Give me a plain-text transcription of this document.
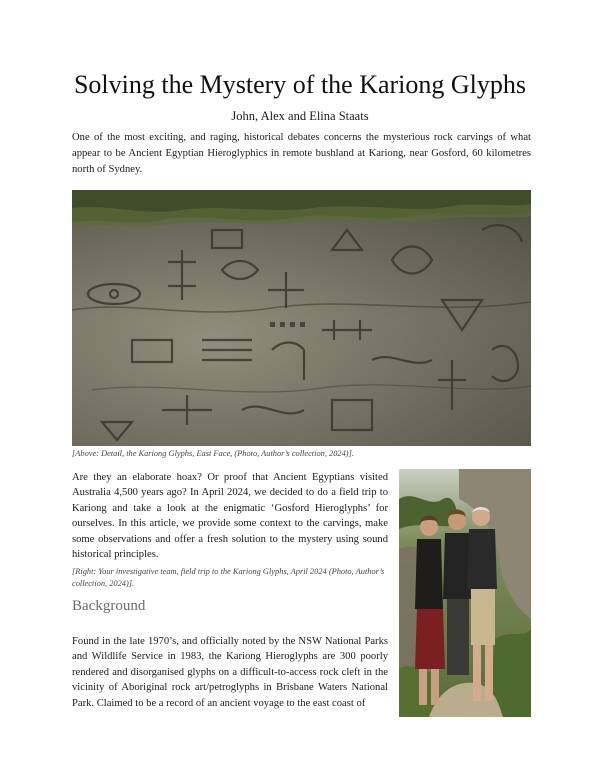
Solving the Mystery of the Kariong Glyphs

John, Alex and Elina Staats

One of the most exciting, and raging, historical debates concerns the mysterious rock carvings of what appear to be Ancient Egyptian Hieroglyphics in remote bushland at Kariong, near Gosford, 60 kilometres north of Sydney.

[Above: Detail, the Kariong Glyphs, East Face, (Photo, Author’s collection, 2024)].

Are they an elaborate hoax? Or proof that Ancient Egyptians visited Australia 4,500 years ago? In April 2024, we decided to do a field trip to Kariong and take a look at the enigmatic ‘Gosford Hieroglyphs’ for ourselves. In this article, we provide some context to the carvings, make some observations and offer a fresh solution to the mystery using sound historical principles.

[Right: Your investigative team, field trip to the Kariong Glyphs, April 2024 (Photo, Author’s collection, 2024)].

Background

Found in the late 1970’s, and officially noted by the NSW National Parks and Wildlife Service in 1983, the Kariong Hieroglyphs are 300 poorly rendered and disorganised glyphs on a difficult-to-access rock cleft in the vicinity of Aboriginal rock art/petroglyphs in Brisbane Waters National Park. Claimed to be a record of an ancient voyage to the east coast of
